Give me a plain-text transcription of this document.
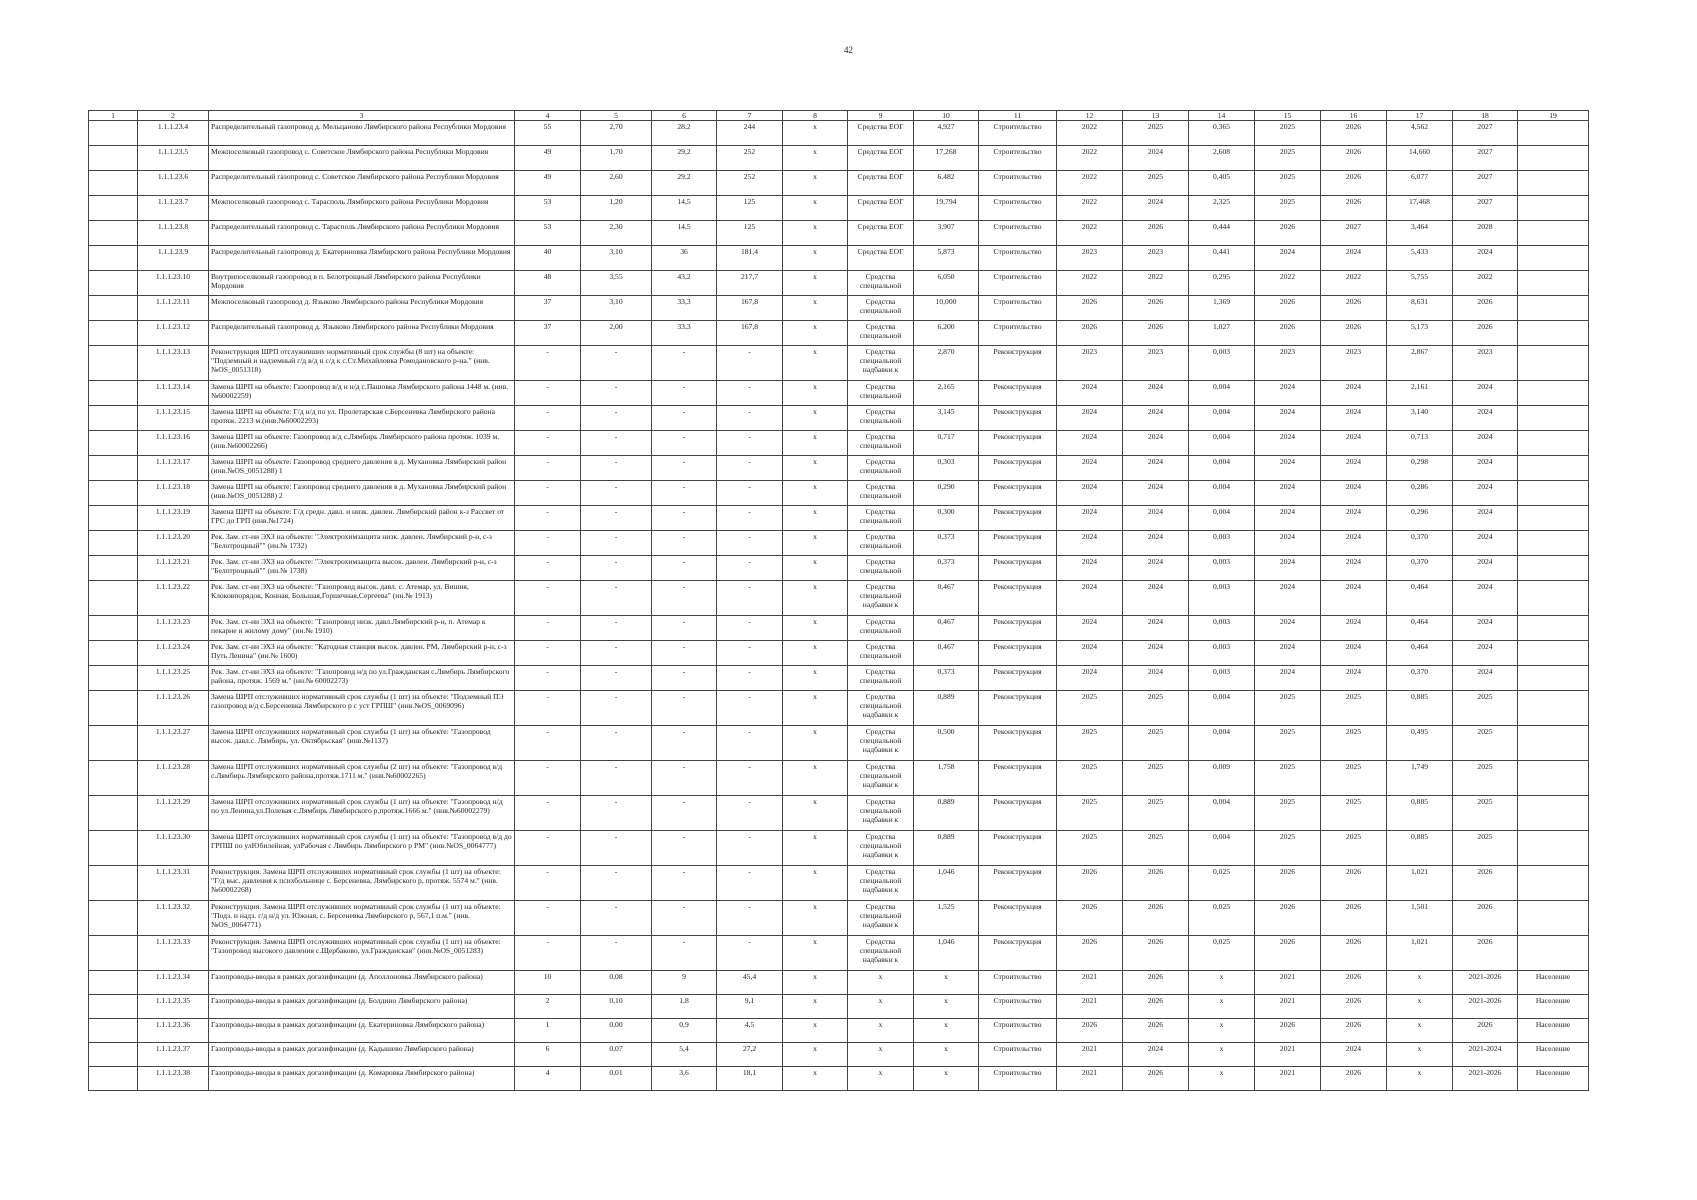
42
1	2	3	4	5	6	7	8	9	10	11	12	13	14	15	16	17	18	19

	1.1.1.23.4	Распределительный газопровод д. Мельцаново Лямбирского района Республики Мордовия	55	2,70	28,2	244	x	Средства ЕОГ	4,927	Строительство	2022	2025	0,365	2025	2026	4,562	2027	

	1.1.1.23.5	Межпоселковый газопровод с. Советское Лямбирского района Республики Мордовия	49	1,70	29,2	252	x	Средства ЕОГ	17,268	Строительство	2022	2024	2,608	2025	2026	14,660	2027	

	1.1.1.23.6	Распределительный газопровод с. Советское Лямбирского района Республики Мордовия	49	2,60	29,2	252	x	Средства ЕОГ	6,482	Строительство	2022	2025	0,405	2025	2026	6,077	2027	

	1.1.1.23.7	Межпоселковый газопровод с. Тарасполь Лямбирского района Республики Мордовия	53	1,20	14,5	125	x	Средства ЕОГ	19,794	Строительство	2022	2024	2,325	2025	2026	17,468	2027	

	1.1.1.23.8	Распределительный газопровод с. Тарасполь Лямбирского района Республики Мордовия	53	2,30	14,5	125	x	Средства ЕОГ	3,907	Строительство	2022	2026	0,444	2026	2027	3,464	2028	

	1.1.1.23.9	Распределительный газопровод д. Екатериновка Лямбирского района Республики Мордовия	40	3,10	36	181,4	x	Средства ЕОГ	5,873	Строительство	2023	2023	0,441	2024	2024	5,433	2024	

	1.1.1.23.10	Внутрипоселковый газопровод в п. Белотрощный Лямбирского района Республики Мордовия	48	3,55	43,2	217,7	x	Средства специальной	6,050	Строительство	2022	2022	0,295	2022	2022	5,755	2022	

	1.1.1.23.11	Межпоселковый газопровод д. Языково Лямбирского района Республики Мордовия	37	3,10	33,3	167,8	x	Средства специальной	10,000	Строительство	2026	2026	1,369	2026	2026	8,631	2026	

	1.1.1.23.12	Распределительный газопровод д. Языково Лямбирского района Республики Мордовия	37	2,00	33,3	167,8	x	Средства специальной	6,200	Строительство	2026	2026	1,027	2026	2026	5,173	2026	

	1.1.1.23.13	Реконструкция ШРП отслуживших нормативный срок службы (8 шт) на объекте: "Подземный и надземный г/д в/д н с/д к с.Ст.Михайловка Ромодановского р-на." (инв.№OS_0051318)	-	-	-	-	x	Средства специальной надбавки к	2,870	Реконструкция	2023	2023	0,003	2023	2023	2,867	2023	

	1.1.1.23.14	Замена ШРП на объекте: Газопровод в/д н н/д с.Пашовка Лямбирского района 1448 м. (инв.№60002259)	-	-	-	-	x	Средства специальной	2,165	Реконструкция	2024	2024	0,004	2024	2024	2,161	2024	

	1.1.1.23.15	Замена ШРП на объекте: Г/д н/д по ул. Пролетарская с.Берсеневка Лямбирского района протяж. 2213 м.(инв.№60002293)	-	-	-	-	x	Средства специальной	3,145	Реконструкция	2024	2024	0,004	2024	2024	3,140	2024	

	1.1.1.23.16	Замена ШРП на объекте: Газопровод в/д с.Лямбирь Лямбирского района протяж. 1039 м. (инв.№60002266)	-	-	-	-	x	Средства специальной	0,717	Реконструкция	2024	2024	0,004	2024	2024	0,713	2024	

	1.1.1.23.17	Замена ШРП на объекте: Газопровод среднего давления в д. Мухановка Лямбирский район (инв.№OS_0051288) 1	-	-	-	-	x	Средства специальной	0,303	Реконструкция	2024	2024	0,004	2024	2024	0,298	2024	

	1.1.1.23.18	Замена ШРП на объекте: Газопровод среднего давления в д. Мухановка Лямбирский район (инв.№OS_0051288) 2	-	-	-	-	x	Средства специальной	0,290	Реконструкция	2024	2024	0,004	2024	2024	0,286	2024	

	1.1.1.23.19	Замена ШРП на объекте: Г/д средн. давл. и низк. давлен. Лямбирский район к-з Рассвет от ГРС до ГРП (инв.№1724)	-	-	-	-	x	Средства специальной	0,300	Реконструкция	2024	2024	0,004	2024	2024	0,296	2024	

	1.1.1.23.20	Рек. Зам. ст-ии ЭХЗ на объекте: "Электрохимзащита низк. давлен. Лямбирский р-н, с-з "Белотрощный"" (ин.№ 1732)	-	-	-	-	x	Средства специальной	0,373	Реконструкция	2024	2024	0,003	2024	2024	0,370	2024	

	1.1.1.23.21	Рек. Зам. ст-ии ЭХЗ на объекте: "Электрохимзащита высок. давлен. Лямбирский р-н, с-з "Белотрощный"" (ин.№ 1738)	-	-	-	-	x	Средства специальной	0,373	Реконструкция	2024	2024	0,003	2024	2024	0,370	2024	

	1.1.1.23.22	Рек. Зам. ст-ии ЭХЗ на объекте: "Газопровод высок. давл. с. Атемар, ул. Вишня, Клоковпорядок, Конная, Большая,Горшечная,Сергеева" (ин.№ 1913)	-	-	-	-	x	Средства специальной надбавки к	0,467	Реконструкция	2024	2024	0,003	2024	2024	0,464	2024	

	1.1.1.23.23	Рек. Зам. ст-ии ЭХЗ на объекте: "Газопровод низк. давл.Лямбирский р-н, п. Атемар к пекарне и жилому дому" (ин.№ 1910)	-	-	-	-	x	Средства специальной	0,467	Реконструкция	2024	2024	0,003	2024	2024	0,464	2024	

	1.1.1.23.24	Рек. Зам. ст-ии ЭХЗ на объекте: "Катодная станция высок. давлен. РМ, Лямбирский р-н, с-з Путь Ленина" (ин.№ 1600)	-	-	-	-	x	Средства специальной	0,467	Реконструкция	2024	2024	0,003	2024	2024	0,464	2024	

	1.1.1.23.25	Рек. Зам. ст-ии ЭХЗ на объекте: "Газопровод н/д по ул.Гражданская с.Лямбирь Лямбирского района, протяж. 1569 м." (ин.№ 60002273)	-	-	-	-	x	Средства специальной	0,373	Реконструкция	2024	2024	0,003	2024	2024	0,370	2024	

	1.1.1.23.26	Замена ШРП отслуживших нормативный срок службы (1 шт) на объекте: "Подземный ПЭ газопровод в/д с.Берсеневка Лямбирского р с уст ГРПШ" (инв.№OS_0069096)	-	-	-	-	x	Средства специальной надбавки к	0,889	Реконструкция	2025	2025	0,004	2025	2025	0,885	2025	

	1.1.1.23.27	Замена ШРП отслуживших нормативный срок службы (1 шт) на объекте: "Газопровод высок. давл.с. Лямбирь, ул. Октябрьская" (инв.№1137)	-	-	-	-	x	Средства специальной надбавки к	0,500	Реконструкция	2025	2025	0,004	2025	2025	0,495	2025	

	1.1.1.23.28	Замена ШРП отслуживших нормативный срок службы (2 шт) на объекте: "Газопровод в/д с.Лямбирь Лямбирского района,протяж.1711 м." (инв.№60002265)	-	-	-	-	x	Средства специальной надбавки к	1,758	Реконструкция	2025	2025	0,009	2025	2025	1,749	2025	

	1.1.1.23.29	Замена ШРП отслуживших нормативный срок службы (1 шт) на объекте: "Газопровод н/д по ул.Ленина,ул.Полевая с.Лямбирь Лямбирского р,протяж.1666 м." (инв.№60002279)	-	-	-	-	x	Средства специальной надбавки к	0,889	Реконструкция	2025	2025	0,004	2025	2025	0,885	2025	

	1.1.1.23.30	Замена ШРП отслуживших нормативный срок службы (1 шт) на объекте: "Газопровод в/д до ГРПШ по улЮбилейная, улРабочая с Лямбирь Лямбирского р РМ" (инв.№OS_0064777)	-	-	-	-	x	Средства специальной надбавки к	0,889	Реконструкция	2025	2025	0,004	2025	2025	0,885	2025	

	1.1.1.23.31	Реконструкция. Замена ШРП отслуживших нормативный срок службы (1 шт) на объекте: "Г/д выс. давления к психбольнице с. Берсеневка, Лямбирского р, протяж. 5574 м." (инв.№60002268)	-	-	-	-	x	Средства специальной надбавки к	1,046	Реконструкция	2026	2026	0,025	2026	2026	1,021	2026	

	1.1.1.23.32	Реконструкция. Замена ШРП отслуживших нормативный срок службы (1 шт) на объекте: "Подз. и надз. г/д н/д ул. Южная, с. Берсеневка Лямбирского р, 567,1 п.м." (инв.№OS_0064771)	-	-	-	-	x	Средства специальной надбавки к	1,525	Реконструкция	2026	2026	0,025	2026	2026	1,501	2026	

	1.1.1.23.33	Реконструкция. Замена ШРП отслуживших нормативный срок службы (1 шт) на объекте: "Газопровод высокого давления с.Щербаково, ул.Гражданская" (инв.№OS_0051283)	-	-	-	-	x	Средства специальной надбавки к	1,046	Реконструкция	2026	2026	0,025	2026	2026	1,021	2026	

	1.1.1.23.34	Газопроводы-вводы в рамках догазификации (д. Аполлоновка Лямбирского района)	10	0,08	9	45,4	x	x	x	Строительство	2021	2026	x	2021	2026	x	2021-2026	Население

	1.1.1.23.35	Газопроводы-вводы в рамках догазификации (д. Болдино Лямбирского района)	2	0,10	1,8	9,1	x	x	x	Строительство	2021	2026	x	2021	2026	x	2021-2026	Население

	1.1.1.23.36	Газопроводы-вводы в рамках догазификации (д. Екатериновка Лямбирского района)	1	0,00	0,9	4,5	x	x	x	Строительство	2026	2026	x	2026	2026	x	2026	Население

	1.1.1.23.37	Газопроводы-вводы в рамках догазификации (д. Кадышево Лямбирского района)	6	0,07	5,4	27,2	x	x	x	Строительство	2021	2024	x	2021	2024	x	2021-2024	Население

	1.1.1.23.38	Газопроводы-вводы в рамках догазификации (д. Комаровка Лямбирского района)	4	0,01	3,6	18,1	x	x	x	Строительство	2021	2026	x	2021	2026	x	2021-2026	Население
